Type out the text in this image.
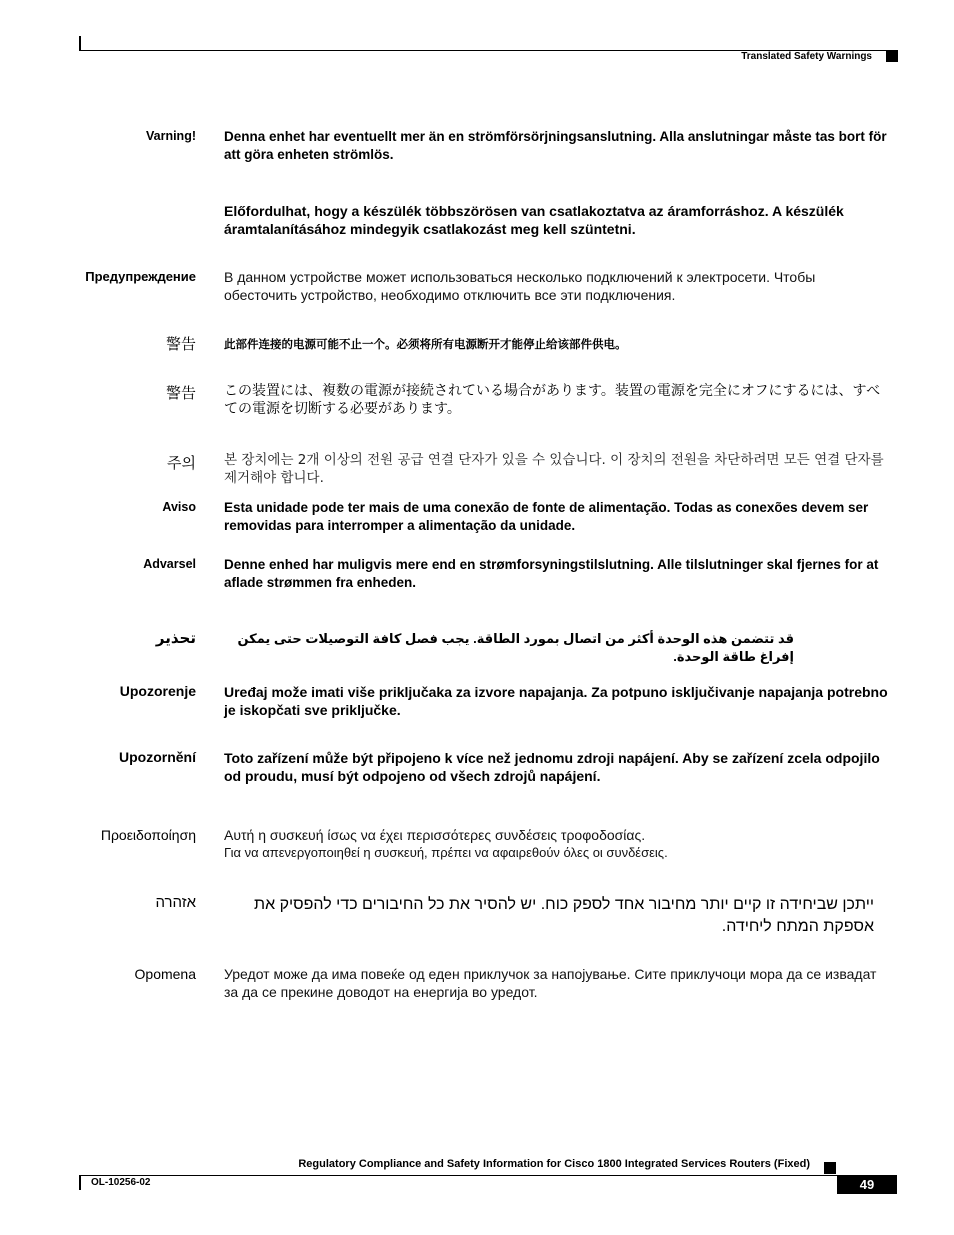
Translated Safety Warnings
Varning! Denna enhet har eventuellt mer än en strömförsörjningsanslutning. Alla anslutningar måste tas bort för att göra enheten strömlös.
Előfordulhat, hogy a készülék többszörösen van csatlakoztatva az áramforráshoz. A készülék áramtalanításához mindegyik csatlakozást meg kell szüntetni.
Предупреждение В данном устройстве может использоваться несколько подключений к электросети. Чтобы обесточить устройство, необходимо отключить все эти подключения.
警告 此部件连接的电源可能不止一个。必须将所有电源断开才能停止给该部件供电。
警告 この装置には、複数の電源が接続されている場合があります。装置の電源を完全にオフにするには、すべての電源を切断する必要があります。
주의 본 장치에는 2개 이상의 전원 공급 연결 단자가 있을 수 있습니다. 이 장치의 전원을 차단하려면 모든 연결 단자를 제거해야 합니다.
Aviso Esta unidade pode ter mais de uma conexão de fonte de alimentação. Todas as conexões devem ser removidas para interromper a alimentação da unidade.
Advarsel Denne enhed har muligvis mere end en strømforsyningstilslutning. Alle tilslutninger skal fjernes for at aflade strømmen fra enheden.
تحذير	قد تتضمن هذه الوحدة أكثر من اتصال بمورد الطاقة. يجب فصل كافة التوصيلات حتى يمكن إفراغ طاقة الوحدة.
Upozorenje Uređaj može imati više priključaka za izvore napajanja. Za potpuno isključivanje napajanja potrebno je iskopčati sve priključke.
Upozornění Toto zařízení může být připojeno k více než jednomu zdroji napájení. Aby se zařízení zcela odpojilo od proudu, musí být odpojeno od všech zdrojů napájení.
Προειδοποίηση Αυτή η συσκευή ίσως να έχει περισσότερες συνδέσεις τροφοδοσίας.
Για να απενεργοποιηθεί η συσκευή, πρέπει να αφαιρεθούν όλες οι συνδέσεις.
אזהרה	ייתכן שביחידה זו קיים יותר מחיבור אחד לספק כוח. יש להסיר את כל החיבורים כדי להפסיק את אספקת המתח ליחידה.
Opomena Уредот може да има повеќе од еден приклучок за напојување. Сите приклучоци мора да се извадат за да се прекине доводот на енергија во уредот.
Regulatory Compliance and Safety Information for Cisco 1800 Integrated Services Routers (Fixed)
OL-10256-02	49
